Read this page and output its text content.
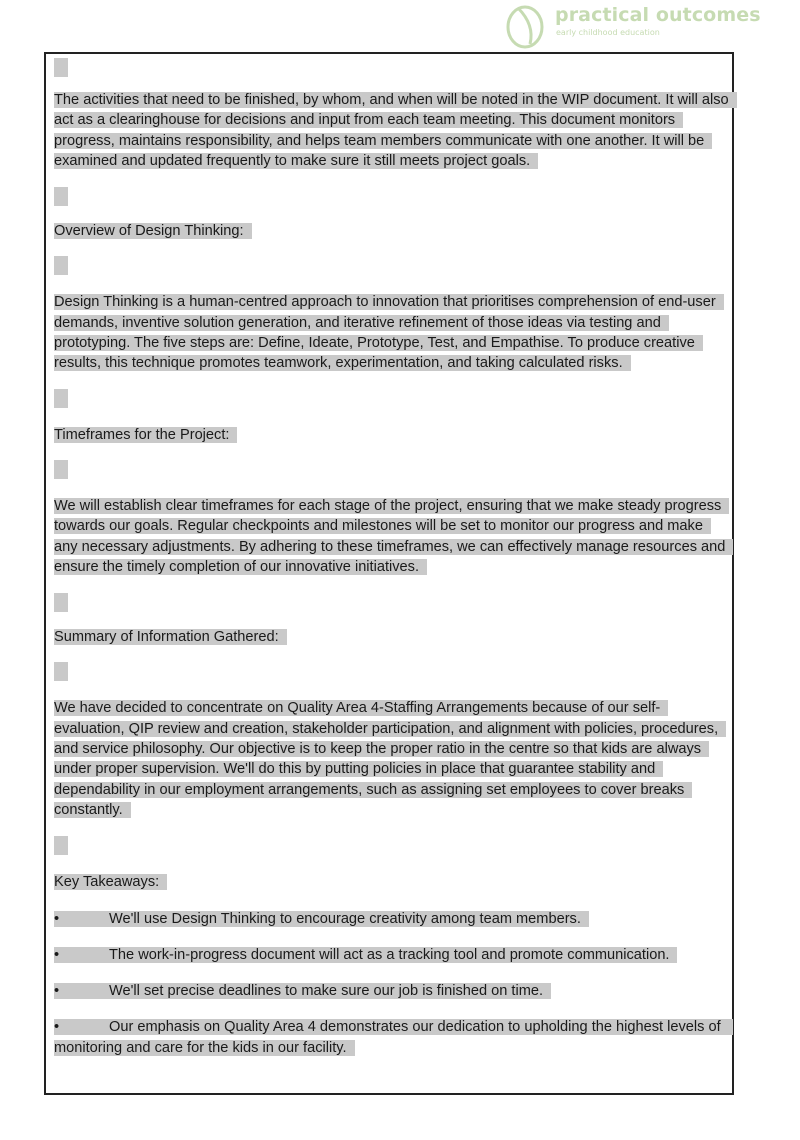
practical outcomes
early childhood education

The activities that need to be finished, by whom, and when will be noted in the WIP document. It will also act as a clearinghouse for decisions and input from each team meeting. This document monitors progress, maintains responsibility, and helps team members communicate with one another. It will be examined and updated frequently to make sure it still meets project goals.

Overview of Design Thinking:

Design Thinking is a human-centred approach to innovation that prioritises comprehension of end-user demands, inventive solution generation, and iterative refinement of those ideas via testing and prototyping. The five steps are: Define, Ideate, Prototype, Test, and Empathise. To produce creative results, this technique promotes teamwork, experimentation, and taking calculated risks.

Timeframes for the Project:

We will establish clear timeframes for each stage of the project, ensuring that we make steady progress towards our goals. Regular checkpoints and milestones will be set to monitor our progress and make any necessary adjustments. By adhering to these timeframes, we can effectively manage resources and ensure the timely completion of our innovative initiatives.

Summary of Information Gathered:

We have decided to concentrate on Quality Area 4-Staffing Arrangements because of our self-evaluation, QIP review and creation, stakeholder participation, and alignment with policies, procedures, and service philosophy. Our objective is to keep the proper ratio in the centre so that kids are always under proper supervision. We'll do this by putting policies in place that guarantee stability and dependability in our employment arrangements, such as assigning set employees to cover breaks constantly.

Key Takeaways:

•	We'll use Design Thinking to encourage creativity among team members.

•	The work-in-progress document will act as a tracking tool and promote communication.

•	We'll set precise deadlines to make sure our job is finished on time.

•	Our emphasis on Quality Area 4 demonstrates our dedication to upholding the highest levels of monitoring and care for the kids in our facility.
